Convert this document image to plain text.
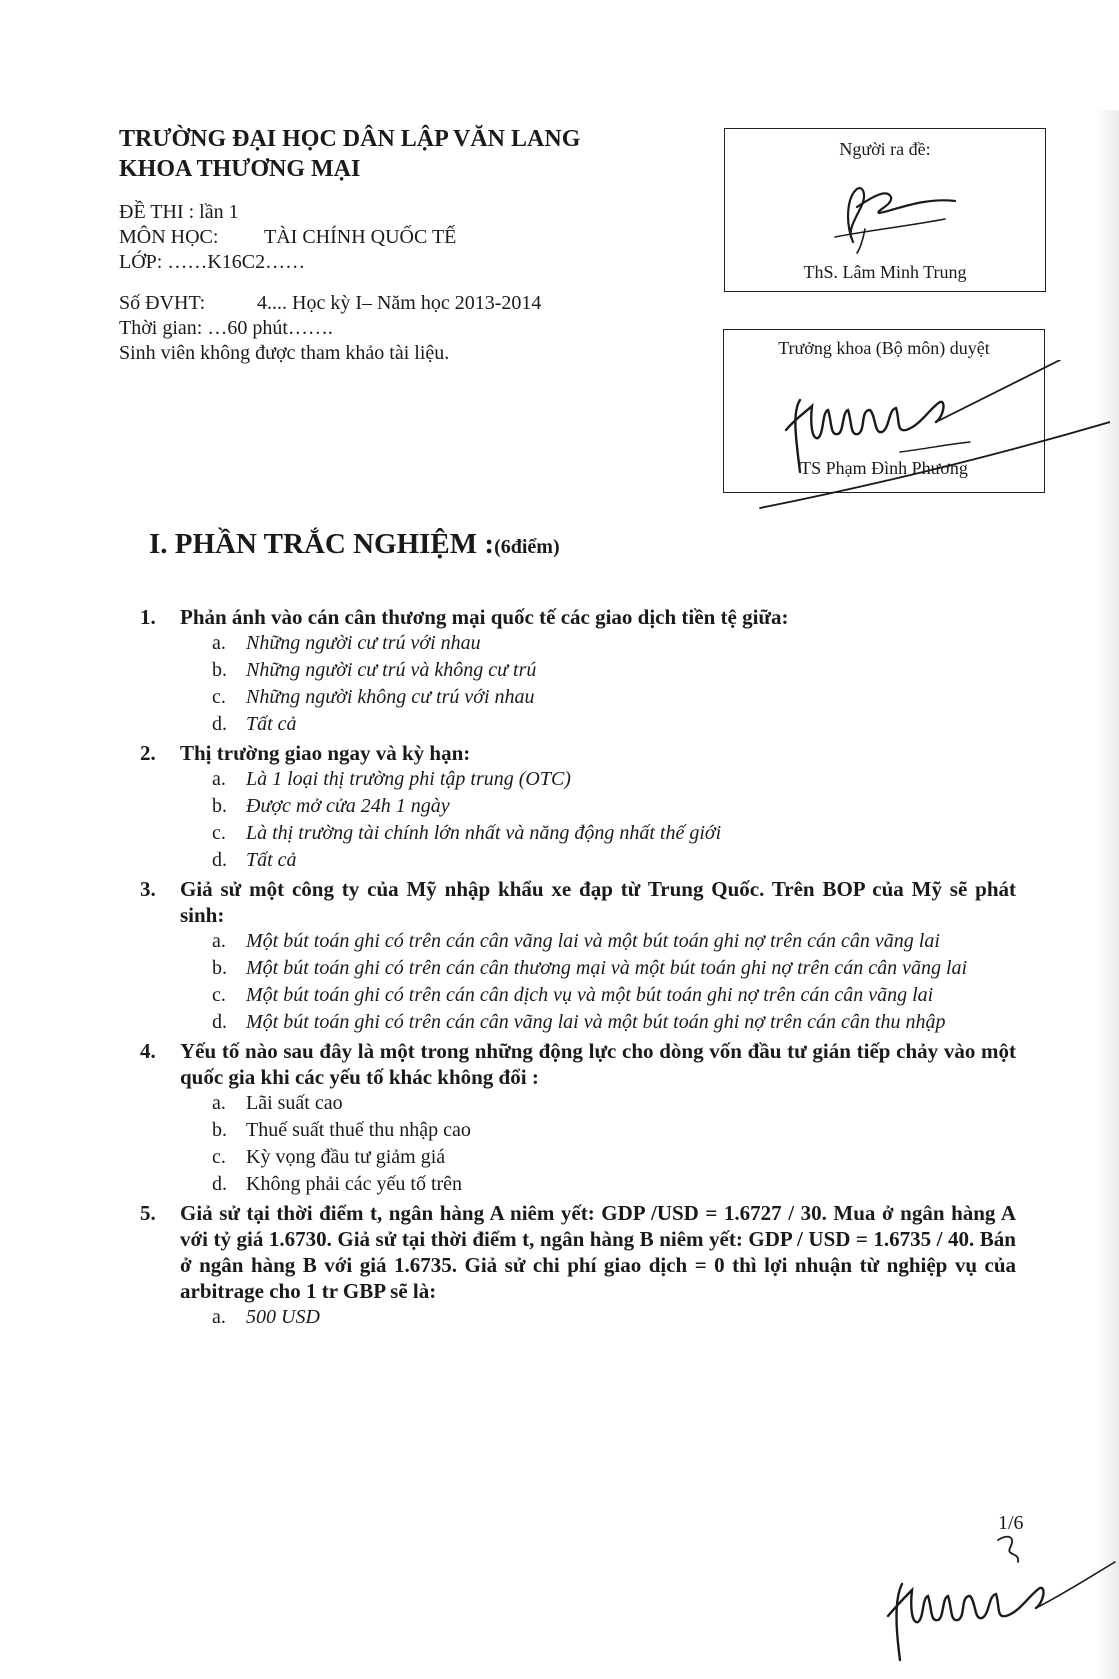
TRƯỜNG ĐẠI HỌC DÂN LẬP VĂN LANG
KHOA THƯƠNG MẠI
ĐỀ THI : lần 1
MÔN HỌC: TÀI CHÍNH QUỐC TẾ
LỚP: ……K16C2……
Số ĐVHT:	4.... Học kỳ I– Năm học 2013-2014
Thời gian: …60 phút…….
Sinh viên không được tham khảo tài liệu.
Người ra đề:
ThS. Lâm Minh Trung
Trưởng khoa (Bộ môn) duyệt
TS Phạm Đình Phương
I. PHẦN TRẮC NGHIỆM :(6điểm)
1.	Phản ánh vào cán cân thương mại quốc tế các giao dịch tiền tệ giữa:
a.	Những người cư trú với nhau
b. Những người cư trú và không cư trú
c.	Những người không cư trú với nhau
d. Tất cả
2.	Thị trường giao ngay và kỳ hạn:
a.	Là 1 loại thị trường phi tập trung (OTC)
b. Được mở cửa 24h 1 ngày
c.	Là thị trường tài chính lớn nhất và năng động nhất thế giới
d. Tất cả
3.	Giả sử một công ty của Mỹ nhập khẩu xe đạp từ Trung Quốc. Trên BOP của Mỹ sẽ phát sinh:
a.	Một bút toán ghi có trên cán cân vãng lai và một bút toán ghi nợ trên cán cân vãng lai
b. Một bút toán ghi có trên cán cân thương mại và một bút toán ghi nợ trên cán cân vãng lai
c.	Một bút toán ghi có trên cán cân dịch vụ và một bút toán ghi nợ trên cán cân vãng lai
d. Một bút toán ghi có trên cán cân vãng lai và một bút toán ghi nợ trên cán cân thu nhập
4.	Yếu tố nào sau đây là một trong những động lực cho dòng vốn đầu tư gián tiếp chảy vào một quốc gia khi các yếu tố khác không đổi :
a.	Lãi suất cao
b. Thuế suất thuế thu nhập cao
c.	Kỳ vọng đầu tư giảm giá
d. Không phải các yếu tố trên
5.	Giả sử tại thời điểm t, ngân hàng A niêm yết: GDP /USD = 1.6727 / 30. Mua ở ngân hàng A với tỷ giá 1.6730. Giả sử tại thời điểm t, ngân hàng B niêm yết: GDP / USD = 1.6735 / 40. Bán ở ngân hàng B với giá 1.6735. Giả sử chi phí giao dịch = 0 thì lợi nhuận từ nghiệp vụ của arbitrage cho 1 tr GBP sẽ là:
a.	500 USD
1/6
